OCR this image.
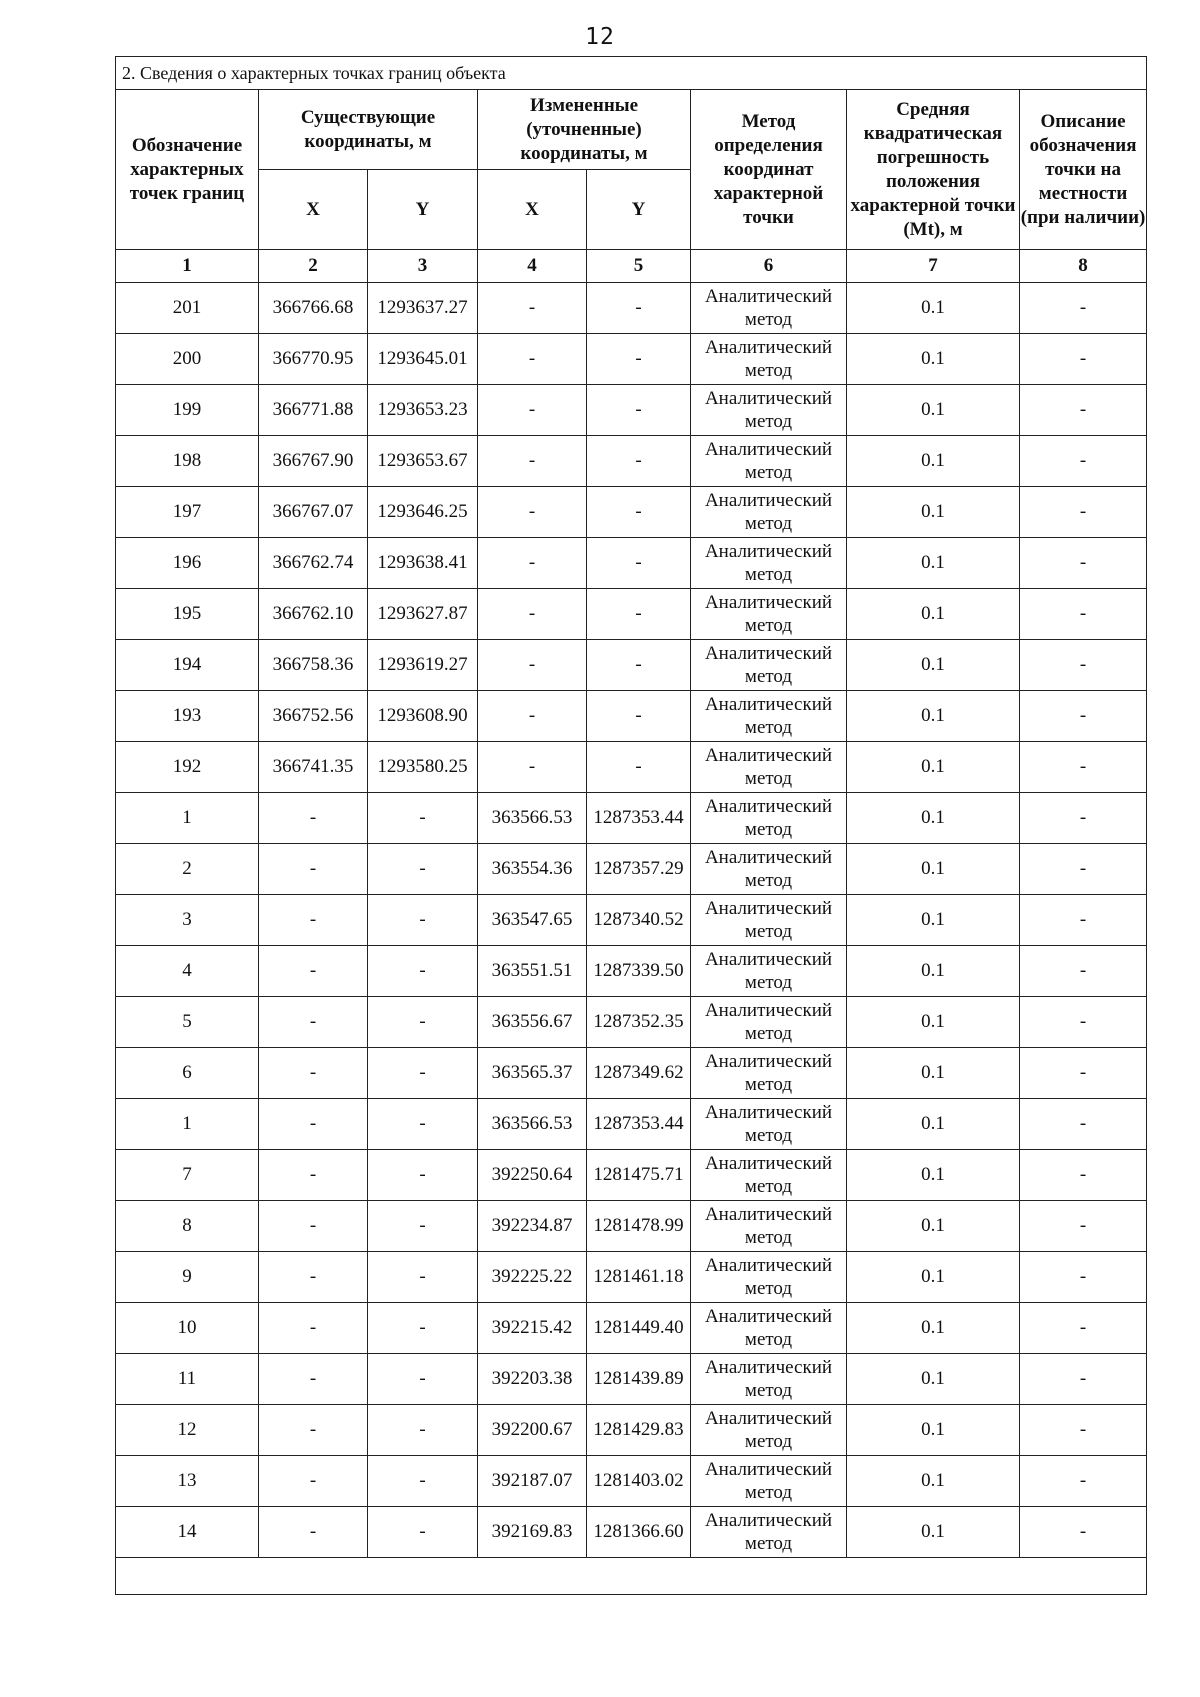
12
2. Сведения о характерных точках границ объекта							
Обозначение характерных точек границ	Существующие координаты, м		Измененные (уточненные) координаты, м		Метод определения координат характерной точки	Средняя квадратическая погрешность положения характерной точки (Mt), м	Описание обозначения точки на местности (при наличии)
	X	Y	X	Y			
1	2	3	4	5	6	7	8
201	366766.68	1293637.27	-	-	Аналитический метод	0.1	-
200	366770.95	1293645.01	-	-	Аналитический метод	0.1	-
199	366771.88	1293653.23	-	-	Аналитический метод	0.1	-
198	366767.90	1293653.67	-	-	Аналитический метод	0.1	-
197	366767.07	1293646.25	-	-	Аналитический метод	0.1	-
196	366762.74	1293638.41	-	-	Аналитический метод	0.1	-
195	366762.10	1293627.87	-	-	Аналитический метод	0.1	-
194	366758.36	1293619.27	-	-	Аналитический метод	0.1	-
193	366752.56	1293608.90	-	-	Аналитический метод	0.1	-
192	366741.35	1293580.25	-	-	Аналитический метод	0.1	-
1	-	-	363566.53	1287353.44	Аналитический метод	0.1	-
2	-	-	363554.36	1287357.29	Аналитический метод	0.1	-
3	-	-	363547.65	1287340.52	Аналитический метод	0.1	-
4	-	-	363551.51	1287339.50	Аналитический метод	0.1	-
5	-	-	363556.67	1287352.35	Аналитический метод	0.1	-
6	-	-	363565.37	1287349.62	Аналитический метод	0.1	-
1	-	-	363566.53	1287353.44	Аналитический метод	0.1	-
7	-	-	392250.64	1281475.71	Аналитический метод	0.1	-
8	-	-	392234.87	1281478.99	Аналитический метод	0.1	-
9	-	-	392225.22	1281461.18	Аналитический метод	0.1	-
10	-	-	392215.42	1281449.40	Аналитический метод	0.1	-
11	-	-	392203.38	1281439.89	Аналитический метод	0.1	-
12	-	-	392200.67	1281429.83	Аналитический метод	0.1	-
13	-	-	392187.07	1281403.02	Аналитический метод	0.1	-
14	-	-	392169.83	1281366.60	Аналитический метод	0.1	-
